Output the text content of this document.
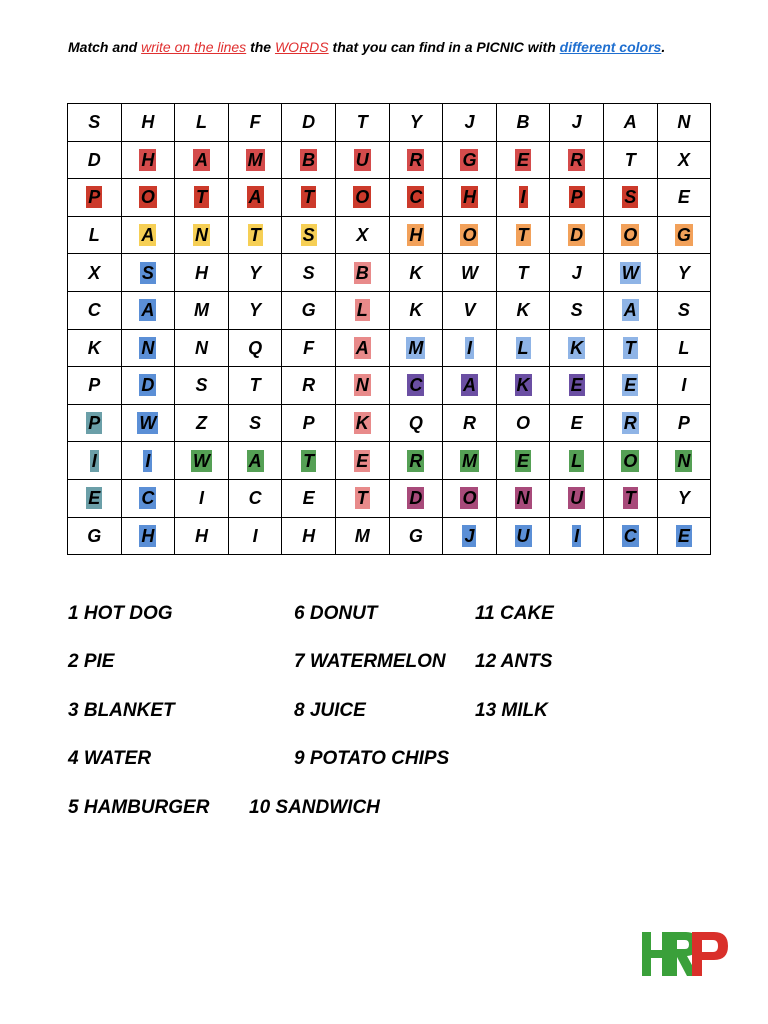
Match and write on the lines the WORDS that you can find in a PICNIC with different colors.
S	H	L	F	D	T	Y	J	B	J	A	N
D	H	A	M	B	U	R	G	E	R	T	X
P	O	T	A	T	O	C	H	I	P	S	E
L	A	N	T	S	X	H	O	T	D	O	G
X	S	H	Y	S	B	K	W	T	J	W	Y
C	A	M	Y	G	L	K	V	K	S	A	S
K	N	N	Q	F	A	M	I	L	K	T	L
P	D	S	T	R	N	C	A	K	E	E	I
P	W	Z	S	P	K	Q	R	O	E	R	P
I	I	W	A	T	E	R	M	E	L	O	N
E	C	I	C	E	T	D	O	N	U	T	Y
G	H	H	I	H	M	G	J	U	I	C	E
1 HOT DOG
2 PIE
3 BLANKET
4 WATER
5 HAMBURGER
6 DONUT
7 WATERMELON
8 JUICE
9 POTATO CHIPS
10 SANDWICH
11 CAKE
12 ANTS
13 MILK
